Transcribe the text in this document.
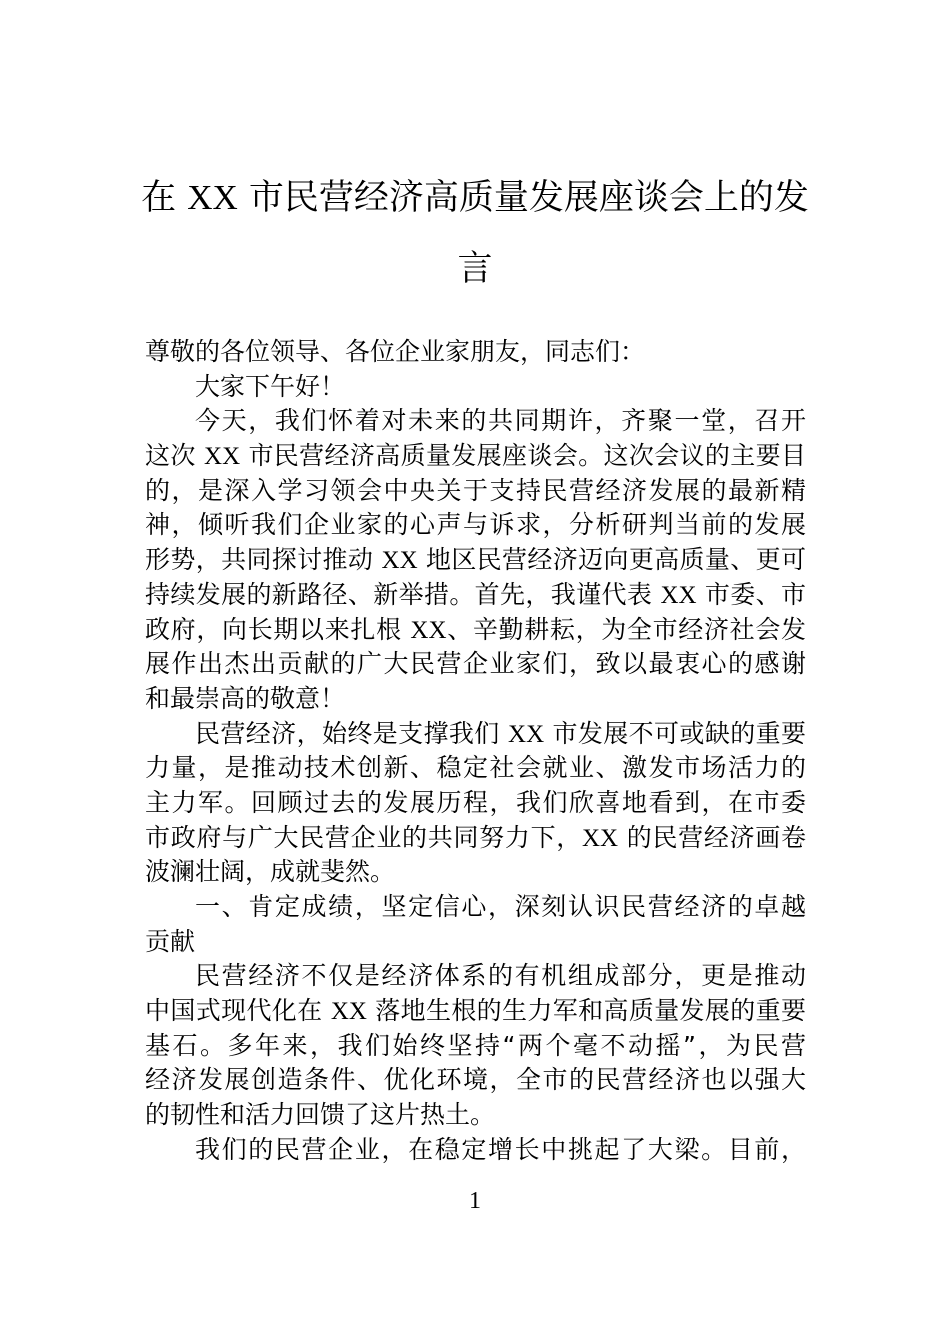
在 XX 市民营经济高质量发展座谈会上的发
言
尊敬的各位领导、各位企业家朋友，同志们：
大家下午好！
今天，我们怀着对未来的共同期许，齐聚一堂，召开
这次 XX 市民营经济高质量发展座谈会。这次会议的主要目
的，是深入学习领会中央关于支持民营经济发展的最新精
神，倾听我们企业家的心声与诉求，分析研判当前的发展
形势，共同探讨推动 XX 地区民营经济迈向更高质量、更可
持续发展的新路径、新举措。首先，我谨代表 XX 市委、市
政府，向长期以来扎根 XX、辛勤耕耘，为全市经济社会发
展作出杰出贡献的广大民营企业家们，致以最衷心的感谢
和最崇高的敬意！
民营经济，始终是支撑我们 XX 市发展不可或缺的重要
力量，是推动技术创新、稳定社会就业、激发市场活力的
主力军。回顾过去的发展历程，我们欣喜地看到，在市委
市政府与广大民营企业的共同努力下，XX 的民营经济画卷
波澜壮阔，成就斐然。
一、肯定成绩，坚定信心，深刻认识民营经济的卓越
贡献
民营经济不仅是经济体系的有机组成部分，更是推动
中国式现代化在 XX 落地生根的生力军和高质量发展的重要
基石。多年来，我们始终坚持“两个毫不动摇”，为民营
经济发展创造条件、优化环境，全市的民营经济也以强大
的韧性和活力回馈了这片热土。
我们的民营企业，在稳定增长中挑起了大梁。目前，
1
